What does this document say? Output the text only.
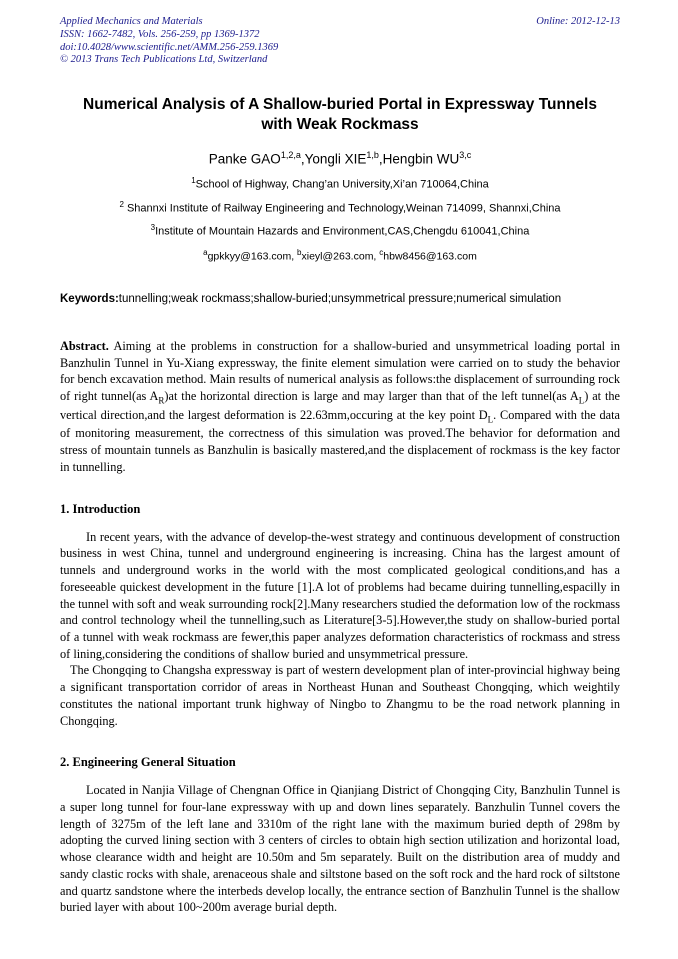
Applied Mechanics and Materials	Online: 2012-12-13
ISSN: 1662-7482, Vols. 256-259, pp 1369-1372
doi:10.4028/www.scientific.net/AMM.256-259.1369
© 2013 Trans Tech Publications Ltd, Switzerland
Numerical Analysis of A Shallow-buried Portal in Expressway Tunnels with Weak Rockmass
Panke GAO$^{1,2,a}$,Yongli XIE$^{1,b}$,Hengbin WU$^{3,c}$
$^1$School of Highway, Chang’an University,Xi’an 710064,China
$^2$ Shannxi Institute of Railway Engineering and Technology,Weinan 714099, Shannxi,China
$^3$Institute of Mountain Hazards and Environment,CAS,Chengdu 610041,China
$^a$gpkkyy@163.com, $^b$xieyl@263.com, $^c$hbw8456@163.com

Keywords:tunnelling;weak rockmass;shallow-buried;unsymmetrical pressure;numerical simulation

Abstract. Aiming at the problems in construction for a shallow-buried and unsymmetrical loading portal in Banzhulin Tunnel in Yu-Xiang expressway, the finite element simulation were carried on to study the behavior for bench excavation method. Main results of numerical analysis as follows:the displacement of surrounding rock of right tunnel(as $A_R)at$ the horizontal direction is large and may larger than that of the left tunnel(as $A_L$) at the vertical direction,and the largest deformation is 22.63mm,occuring at the key point $D_L$. Compared with the data of monitoring measurement, the correctness of this simulation was proved.The behavior for deformation and stress of mountain tunnels as Banzhulin is basically mastered,and the displacement of rockmass is the key factor in tunnelling.

1. Introduction

In recent years, with the advance of develop-the-west strategy and continuous development of construction business in west China, tunnel and underground engineering is increasing. China has the largest amount of tunnels and underground works in the world with the most complicated geological conditions,and has a foreseeable quickest development in the future [1].A lot of problems had became duiring tunnelling,espacilly in the tunnel with soft and weak surrounding rock[2].Many researchers studied the deformation low of the rockmass and control technology wheil the tunnelling,such as Literature[3-5].However,the study on shallow-buried portal of a tunnel with weak rockmass are fewer,this paper analyzes deformation characteristics of rockmass and stress of lining,considering the conditions of shallow buried and unsymmetrical pressure.

The Chongqing to Changsha expressway is part of western development plan of inter-provincial highway being a significant transportation corridor of areas in Northeast Hunan and Southeast Chongqing, which weightily constitutes the national important trunk highway of Ningbo to Zhangmu to be the road network planning in Chongqing.

2. Engineering General Situation

Located in Nanjia Village of Chengnan Office in Qianjiang District of Chongqing City, Banzhulin Tunnel is a super long tunnel for four-lane expressway with up and down lines separately. Banzhulin Tunnel covers the length of 3275m of the left lane and 3310m of the right lane with the maximum buried depth of 298m by adopting the curved lining section with 3 centers of circles to obtain high section utilization and horizontal load, whose clearance width and height are 10.50m and 5m separately. Built on the distribution area of muddy and sandy clastic rocks with shale, arenaceous shale and siltstone based on the soft rock and the hard rock of siltstone and quartz sandstone where the interbeds develop locally, the entrance section of Banzhulin Tunnel is the shallow buried layer with about 100~200m average burial depth.
